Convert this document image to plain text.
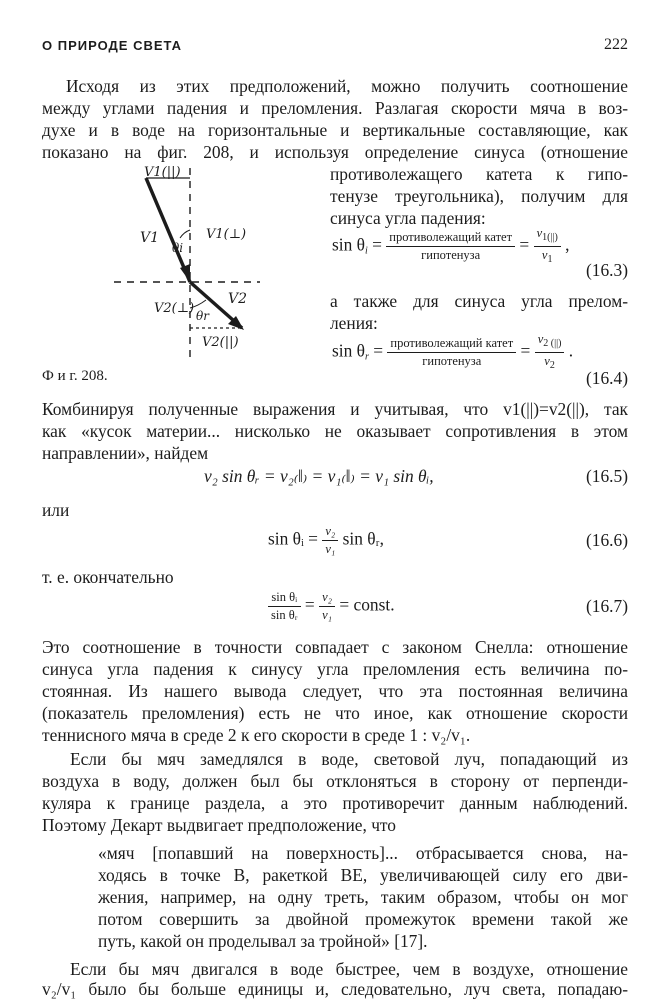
О ПРИРОДЕ СВЕТА	222
Исходя из этих предположений, можно получить соотношение
между углами падения и преломления. Разлагая скорости мяча в воз-
духе и в воде на горизонтальные и вертикальные составляющие, как
показано на фиг. 208, и используя определение синуса (отношение
противолежащего катета к гипо-
тенузе треугольника), получим для
синуса угла падения:
$\sin \theta_i = \frac{\text{противолежащий катет}}{\text{гипотенуза}} = \frac{v_{1(||)}}{v_1}$ ,
(16.3)
а также для синуса угла прелом-
ления:
$\sin \theta_r = \frac{\text{противолежащий катет}}{\text{гипотенуза}} = \frac{v_{2 (||)}}{v_2}$ .
(16.4)
V1(||)
V1
θi
V1(⊥)
V2
V2(⊥) θr
V2(||)
Ф и г. 208.
Комбинируя полученные выражения и учитывая, что v1(||)=v2(||), так
как «кусок материи... нисколько не оказывает сопротивления в этом
направлении», найдем
v₂ sin θᵣ = v₂₍‖₎ = v₁₍‖₎ = v₁ sin θᵢ,	(16.5)
или
sin θᵢ = $\frac{\text{v₂}}{\text{v₁}}$ sin θᵣ,	(16.6)
т. е. окончательно
$\frac{\text{sin θᵢ}}{\text{sin θᵣ}} = \frac{\text{v₂}}{\text{v₁}}$ = const.	(16.7)
Это соотношение в точности совпадает с законом Снелла: отношение
синуса угла падения к синусу угла преломления есть величина по-
стоянная. Из нашего вывода следует, что эта постоянная величина
(показатель преломления) есть не что иное, как отношение скорости
теннисного мяча в среде 2 к его скорости в среде 1 : v₂/v₁.
Если бы мяч замедлялся в воде, световой луч, попадающий из
воздуха в воду, должен был бы отклоняться в сторону от перпенди-
куляра к границе раздела, а это противоречит данным наблюдений.
Поэтому Декарт выдвигает предположение, что
«мяч [попавший на поверхность]... отбрасывается снова, на-
ходясь в точке B, ракеткой BE, увеличивающей силу его дви-
жения, например, на одну треть, таким образом, чтобы он мог
потом совершить за двойной промежуток времени такой же
путь, какой он проделывал за тройной» [17].
Если бы мяч двигался в воде быстрее, чем в воздухе, отношение
v₂/v₁ было бы больше единицы и, следовательно, луч света, попадаю-
